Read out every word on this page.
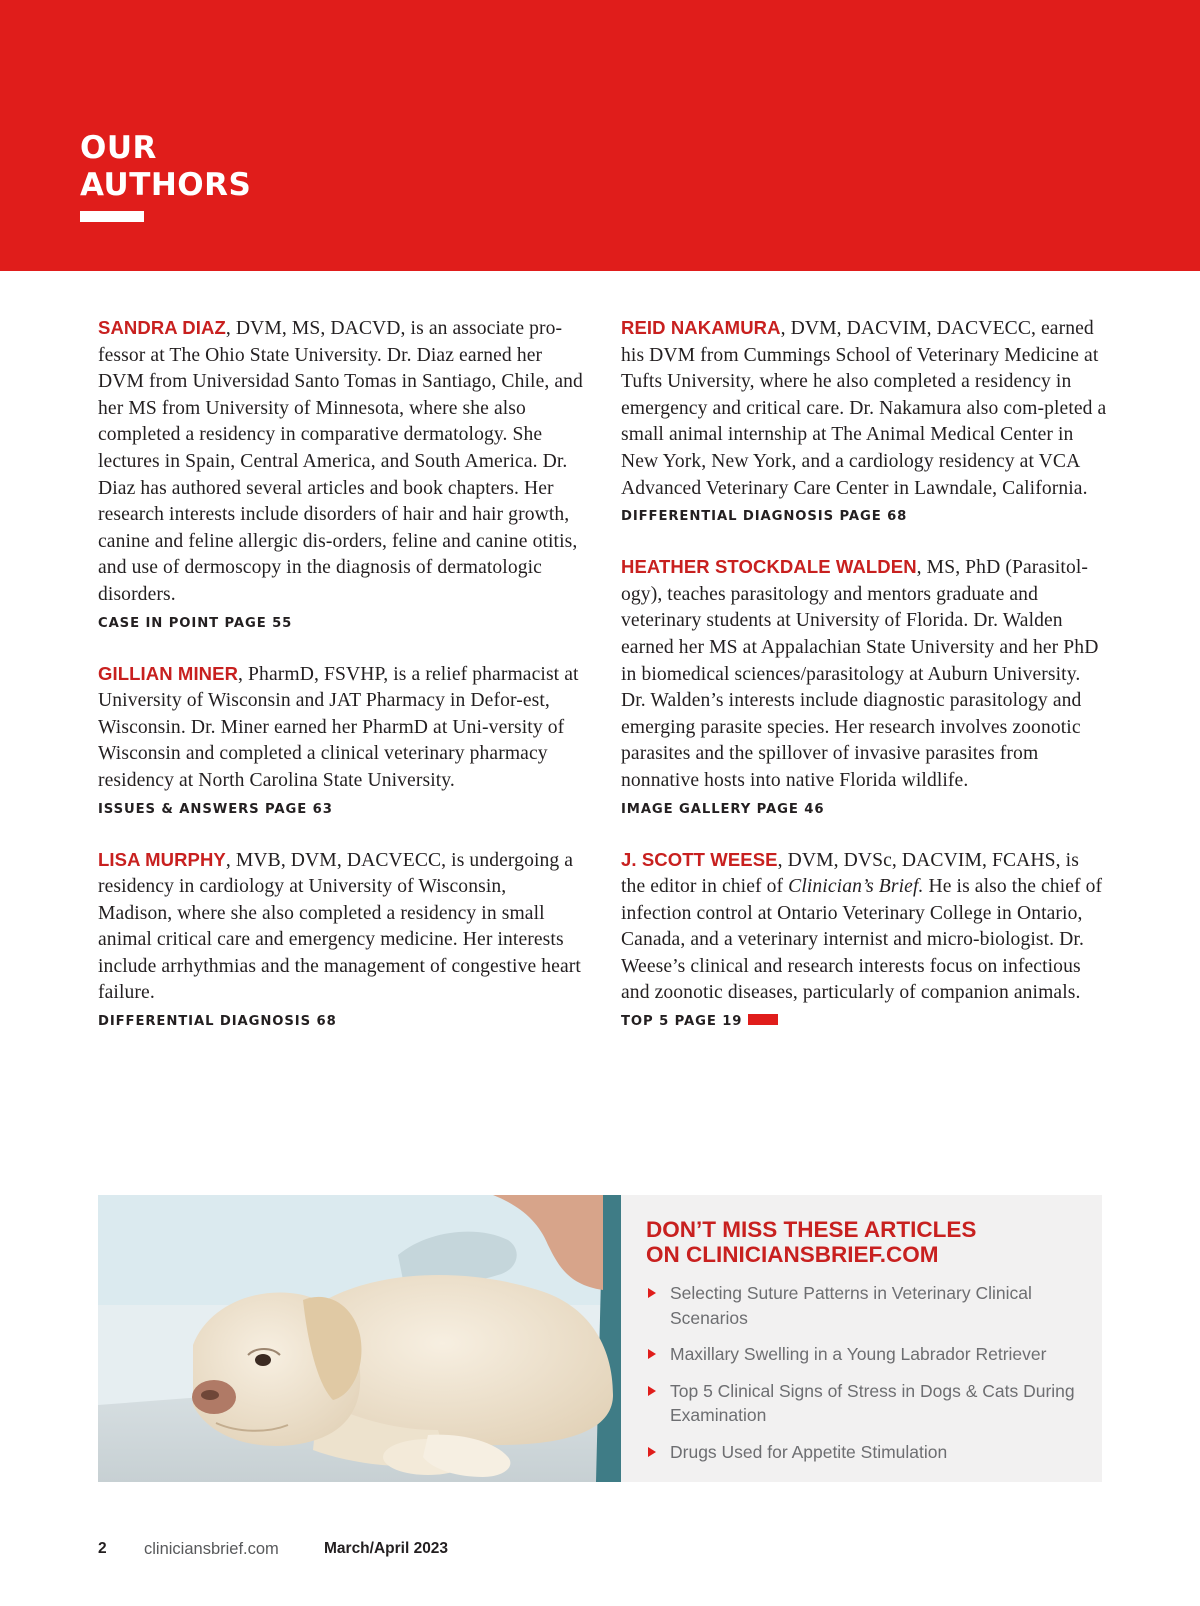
OUR
AUTHORS

SANDRA DIAZ, DVM, MS, DACVD, is an associate pro-fessor at The Ohio State University. Dr. Diaz earned her DVM from Universidad Santo Tomas in Santiago, Chile, and her MS from University of Minnesota, where she also completed a residency in comparative dermatology. She lectures in Spain, Central America, and South America. Dr. Diaz has authored several articles and book chapters. Her research interests include disorders of hair and hair growth, canine and feline allergic dis-orders, feline and canine otitis, and use of dermoscopy in the diagnosis of dermatologic disorders.

CASE IN POINT PAGE 55

GILLIAN MINER, PharmD, FSVHP, is a relief pharmacist at University of Wisconsin and JAT Pharmacy in Defor-est, Wisconsin. Dr. Miner earned her PharmD at Uni-versity of Wisconsin and completed a clinical veterinary pharmacy residency at North Carolina State University.

ISSUES & ANSWERS PAGE 63

LISA MURPHY, MVB, DVM, DACVECC, is undergoing a residency in cardiology at University of Wisconsin, Madison, where she also completed a residency in small animal critical care and emergency medicine. Her interests include arrhythmias and the management of congestive heart failure.

DIFFERENTIAL DIAGNOSIS 68

REID NAKAMURA, DVM, DACVIM, DACVECC, earned his DVM from Cummings School of Veterinary Medicine at Tufts University, where he also completed a residency in emergency and critical care. Dr. Nakamura also com-pleted a small animal internship at The Animal Medical Center in New York, New York, and a cardiology residency at VCA Advanced Veterinary Care Center in Lawndale, California.

DIFFERENTIAL DIAGNOSIS PAGE 68

HEATHER STOCKDALE WALDEN, MS, PhD (Parasitol-ogy), teaches parasitology and mentors graduate and veterinary students at University of Florida. Dr. Walden earned her MS at Appalachian State University and her PhD in biomedical sciences/parasitology at Auburn University. Dr. Walden’s interests include diagnostic parasitology and emerging parasite species. Her research involves zoonotic parasites and the spillover of invasive parasites from nonnative hosts into native Florida wildlife.

IMAGE GALLERY PAGE 46

J. SCOTT WEESE, DVM, DVSc, DACVIM, FCAHS, is the editor in chief of Clinician’s Brief. He is also the chief of infection control at Ontario Veterinary College in Ontario, Canada, and a veterinary internist and micro-biologist. Dr. Weese’s clinical and research interests focus on infectious and zoonotic diseases, particularly of companion animals.

TOP 5 PAGE 19
DON’T MISS THESE ARTICLES
ON CLINICIANSBRIEF.COM
Selecting Suture Patterns in Veterinary Clinical Scenarios
Maxillary Swelling in a Young Labrador Retriever
Top 5 Clinical Signs of Stress in Dogs & Cats During Examination
Drugs Used for Appetite Stimulation
2 cliniciansbrief.com	March/April 2023
